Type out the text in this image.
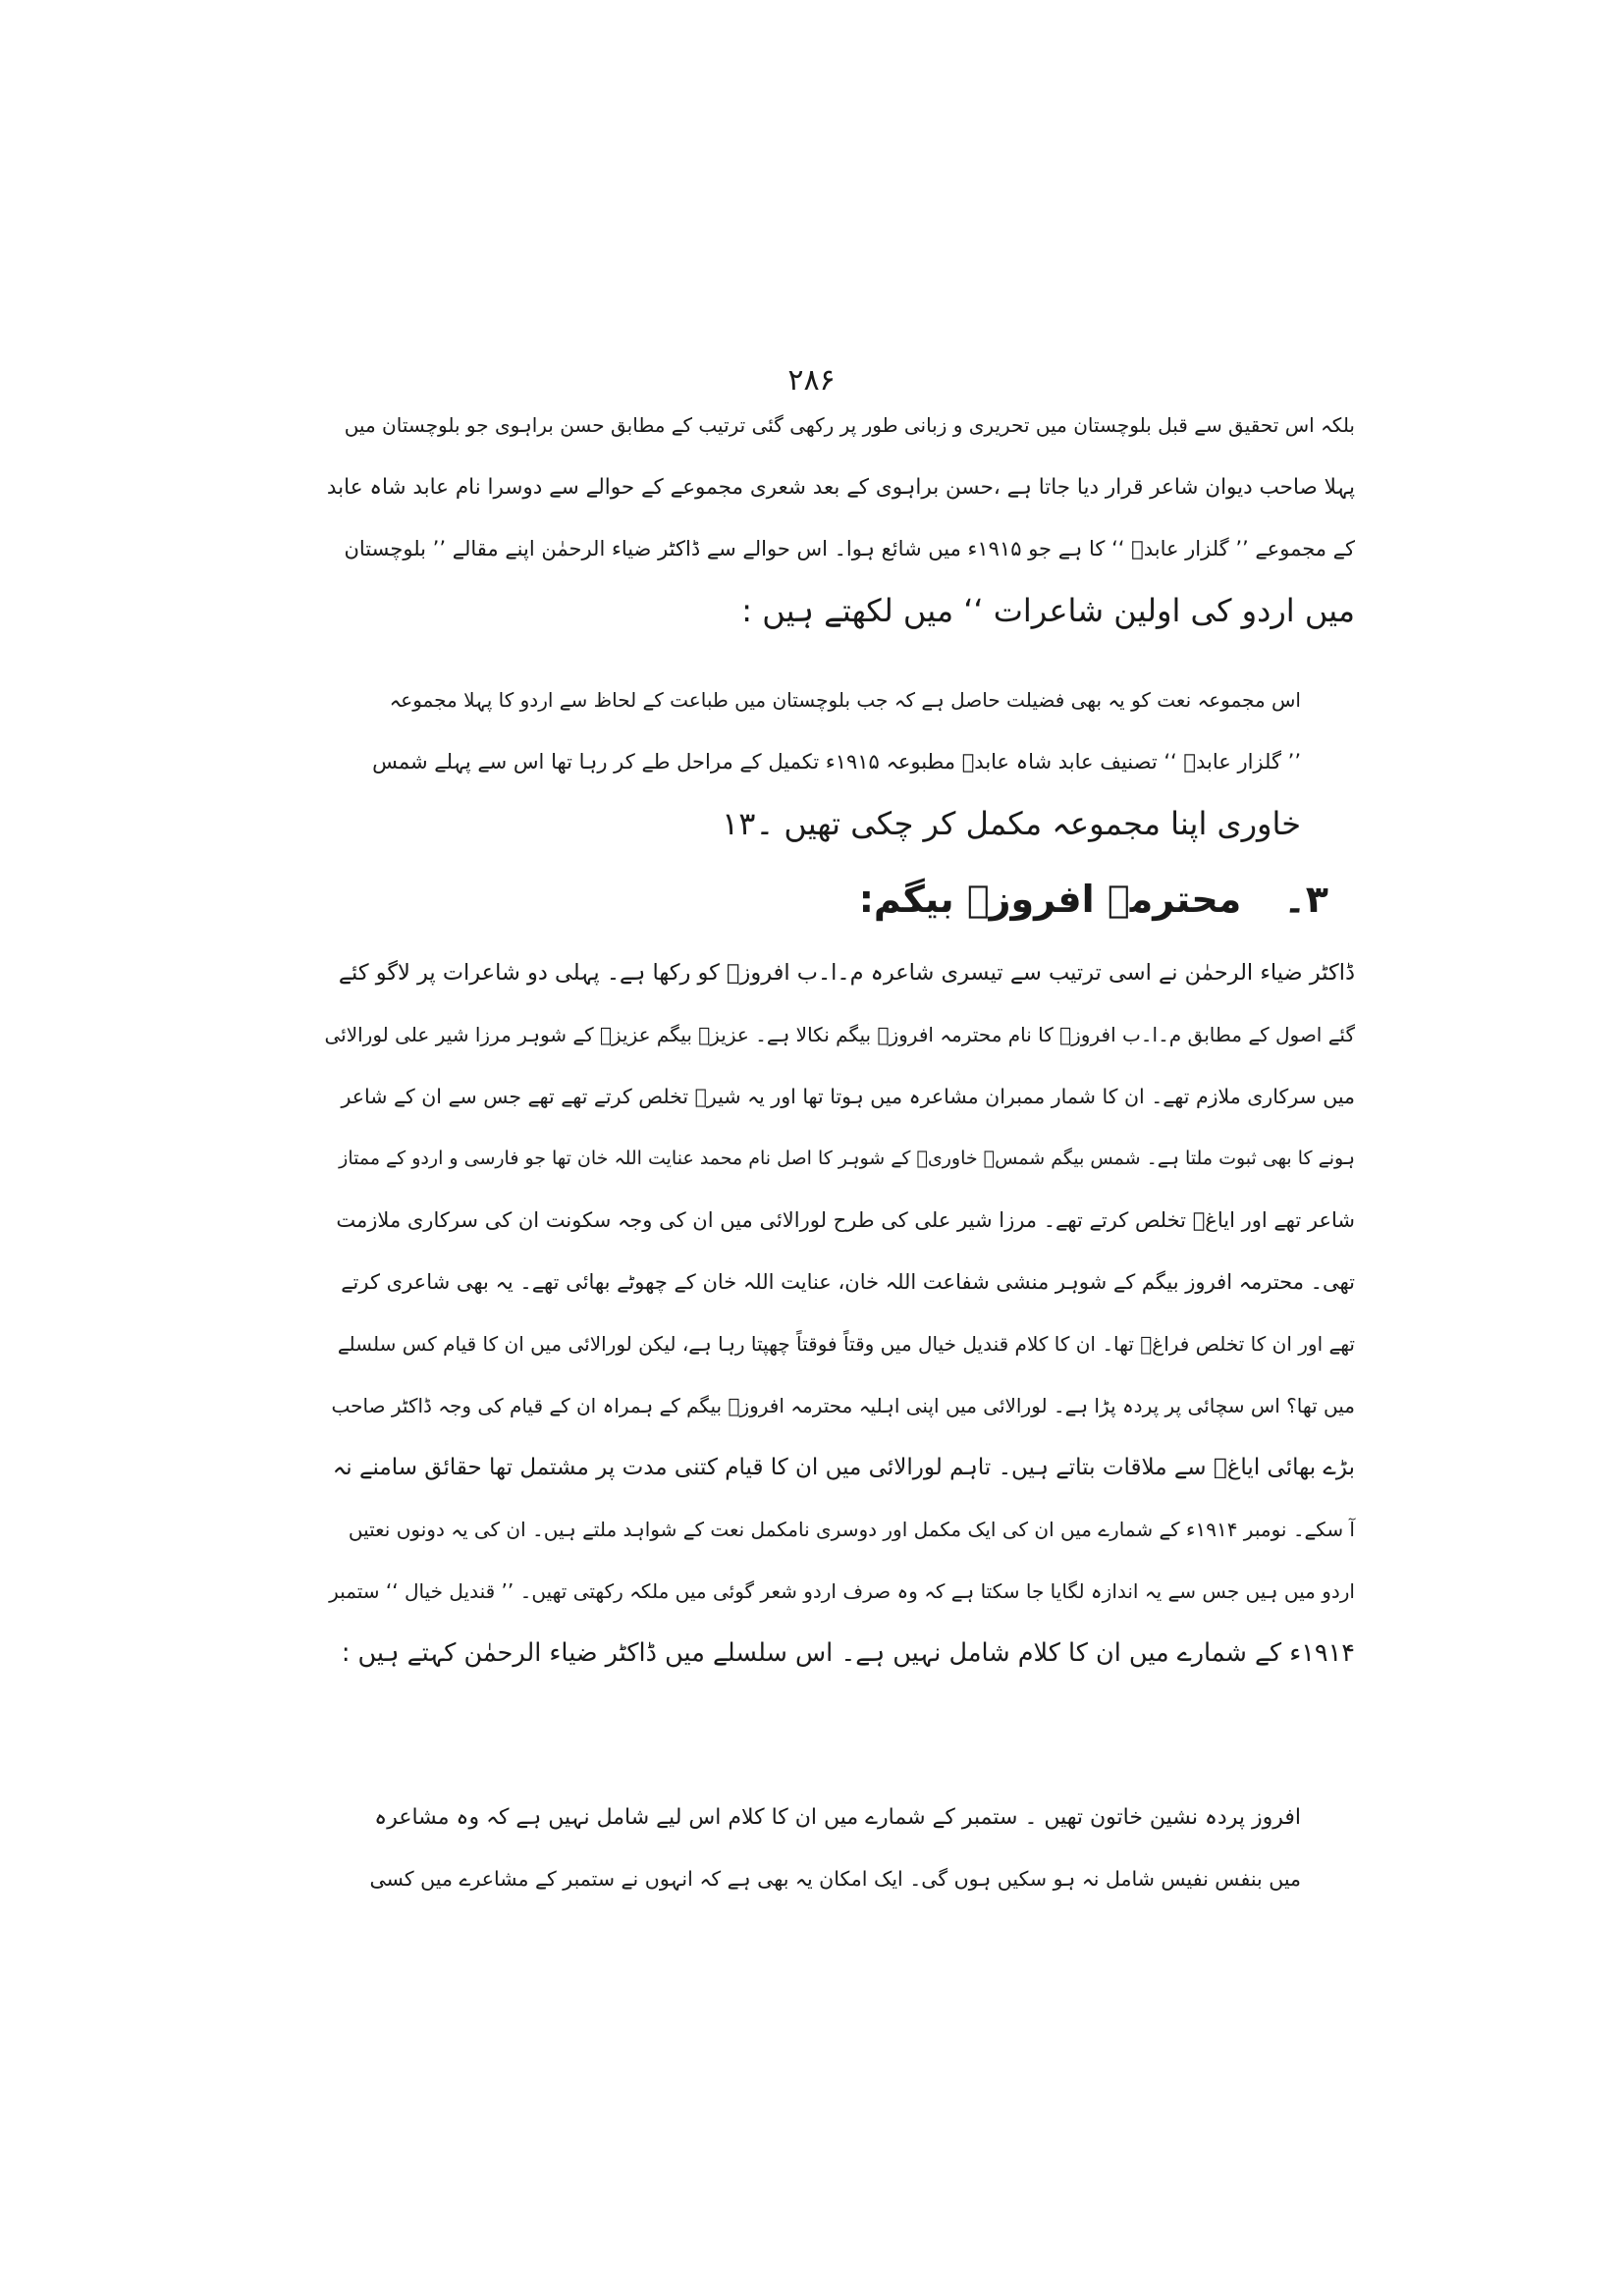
۲۸۶
بلکہ اس تحقیق سے قبل بلوچستان میں تحریری و زبانی طور پر رکھی گئی ترتیب کے مطابق حسن براہوی جو بلوچستان میں
پہلا صاحب دیوان شاعر قرار دیا جاتا ہے ،حسن براہوی کے بعد شعری مجموعے کے حوالے سے دوسرا نام عابد شاہ عابد
کے مجموعے ’’ گلزار عابدؔ ‘‘ کا ہے جو ۱۹۱۵ء میں شائع ہوا۔ اس حوالے سے ڈاکٹر ضیاء الرحمٰن اپنے مقالے ’’ بلوچستان
میں اردو کی اولین شاعرات ‘‘ میں لکھتے ہیں :
اس مجموعہ نعت کو یہ بھی فضیلت حاصل ہے کہ جب بلوچستان میں طباعت کے لحاظ سے اردو کا پہلا مجموعہ
’’ گلزار عابدؔ ‘‘ تصنیف عابد شاہ عابدؔ مطبوعہ ۱۹۱۵ء تکمیل کے مراحل طے کر رہا تھا اس سے پہلے شمس
خاوری اپنا مجموعہ مکمل کر چکی تھیں ۔۱۳
۳۔ محترمہ افروزؔ بیگم:
ڈاکٹر ضیاء الرحمٰن نے اسی ترتیب سے تیسری شاعرہ م۔ا۔ب افروزؔ کو رکھا ہے۔ پہلی دو شاعرات پر لاگو کئے
گئے اصول کے مطابق م۔ا۔ب افروزؔ کا نام محترمہ افروزؔ بیگم نکالا ہے۔ عزیزؔ بیگم عزیزؔ کے شوہر مرزا شیر علی لورالائی
میں سرکاری ملازم تھے۔ ان کا شمار ممبران مشاعرہ میں ہوتا تھا اور یہ شیرؔ تخلص کرتے تھے تھے جس سے ان کے شاعر
ہونے کا بھی ثبوت ملتا ہے۔ شمس بیگم شمسؔ خاوریؔ کے شوہر کا اصل نام محمد عنایت اللہ خان تھا جو فارسی و اردو کے ممتاز
شاعر تھے اور ایاغؔ تخلص کرتے تھے۔ مرزا شیر علی کی طرح لورالائی میں ان کی وجہ سکونت ان کی سرکاری ملازمت
تھی۔ محترمہ افروز بیگم کے شوہر منشی شفاعت اللہ خان، عنایت اللہ خان کے چھوٹے بھائی تھے۔ یہ بھی شاعری کرتے
تھے اور ان کا تخلص فراغؔ تھا۔ ان کا کلام قندیل خیال میں وقتاً فوقتاً چھپتا رہا ہے، لیکن لورالائی میں ان کا قیام کس سلسلے
میں تھا؟ اس سچائی پر پردہ پڑا ہے۔ لورالائی میں اپنی اہلیہ محترمہ افروزؔ بیگم کے ہمراہ ان کے قیام کی وجہ ڈاکٹر صاحب
بڑے بھائی ایاغؔ سے ملاقات بتاتے ہیں۔ تاہم لورالائی میں ان کا قیام کتنی مدت پر مشتمل تھا حقائق سامنے نہ
آ سکے۔ نومبر ۱۹۱۴ء کے شمارے میں ان کی ایک مکمل اور دوسری نامکمل نعت کے شواہد ملتے ہیں۔ ان کی یہ دونوں نعتیں
اردو میں ہیں جس سے یہ اندازہ لگایا جا سکتا ہے کہ وہ صرف اردو شعر گوئی میں ملکہ رکھتی تھیں۔ ’’ قندیل خیال ‘‘ ستمبر
۱۹۱۴ء کے شمارے میں ان کا کلام شامل نہیں ہے۔ اس سلسلے میں ڈاکٹر ضیاء الرحمٰن کہتے ہیں :
افروز پردہ نشین خاتون تھیں ۔ ستمبر کے شمارے میں ان کا کلام اس لیے شامل نہیں ہے کہ وہ مشاعرہ
میں بنفس نفیس شامل نہ ہو سکیں ہوں گی۔ ایک امکان یہ بھی ہے کہ انہوں نے ستمبر کے مشاعرے میں کسی
